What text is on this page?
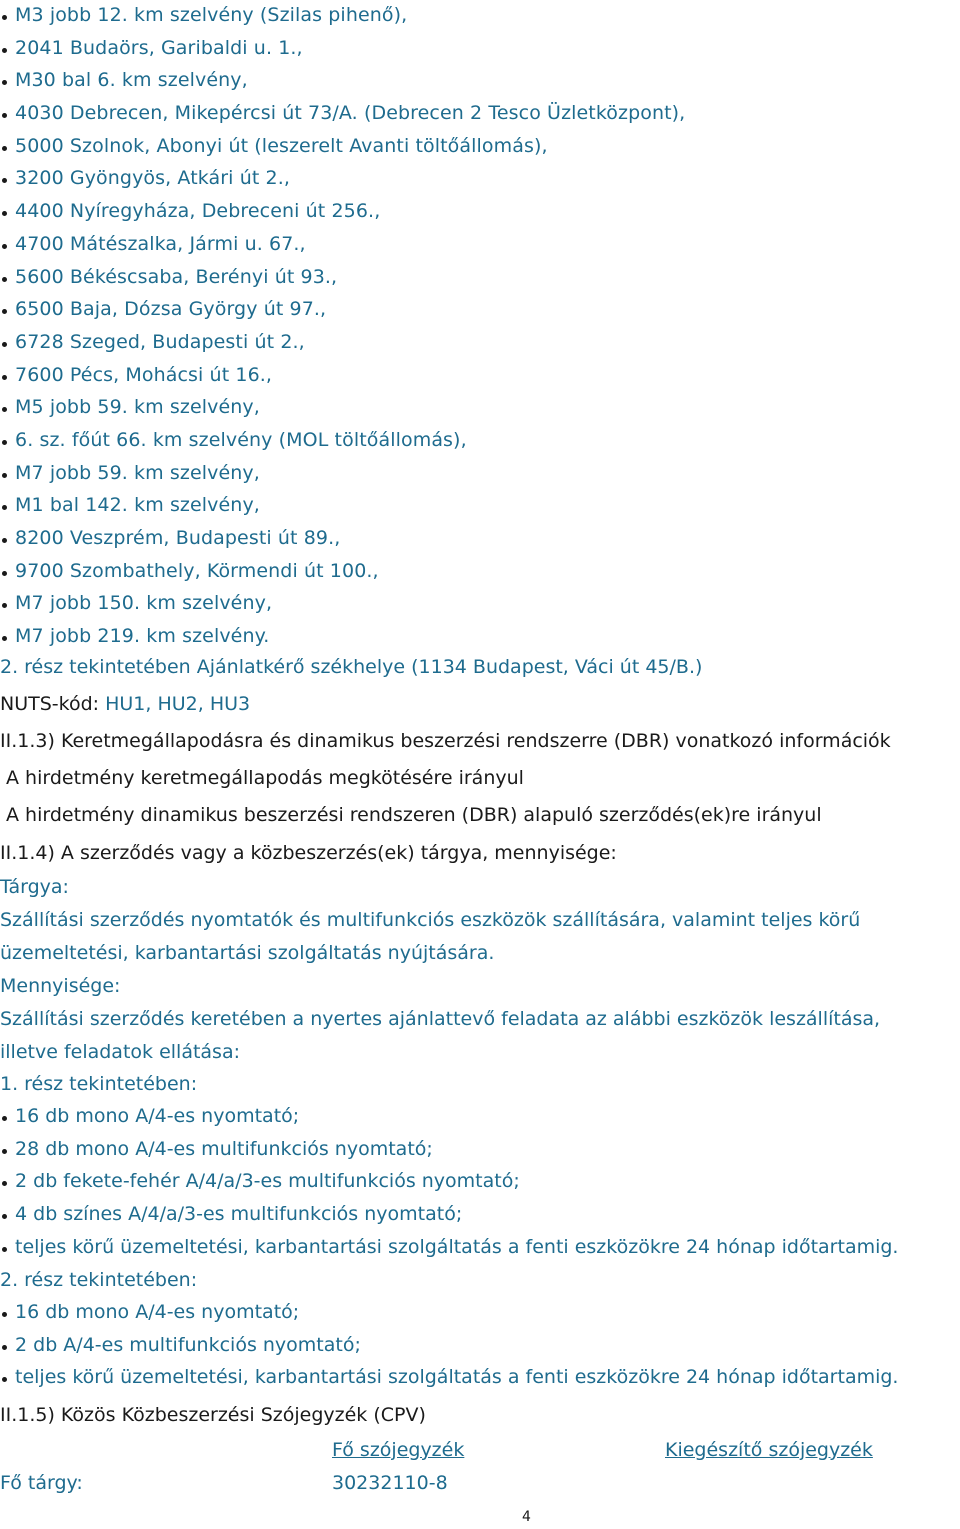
M3 jobb 12. km szelvény (Szilas pihenő),
2041 Budaörs, Garibaldi u. 1.,
M30 bal 6. km szelvény,
4030 Debrecen, Mikepércsi út 73/A. (Debrecen 2 Tesco Üzletközpont),
5000 Szolnok, Abonyi út (leszerelt Avanti töltőállomás),
3200 Gyöngyös, Atkári út 2.,
4400 Nyíregyháza, Debreceni út 256.,
4700 Mátészalka, Jármi u. 67.,
5600 Békéscsaba, Berényi út 93.,
6500 Baja, Dózsa György út 97.,
6728 Szeged, Budapesti út 2.,
7600 Pécs, Mohácsi út 16.,
M5 jobb 59. km szelvény,
6. sz. főút 66. km szelvény (MOL töltőállomás),
M7 jobb 59. km szelvény,
M1 bal 142. km szelvény,
8200 Veszprém, Budapesti út 89.,
9700 Szombathely, Körmendi út 100.,
M7 jobb 150. km szelvény,
M7 jobb 219. km szelvény.
2. rész tekintetében Ajánlatkérő székhelye (1134 Budapest, Váci út 45/B.)
NUTS-kód: HU1, HU2, HU3
II.1.3) Keretmegállapodásra és dinamikus beszerzési rendszerre (DBR) vonatkozó információk
A hirdetmény keretmegállapodás megkötésére irányul
A hirdetmény dinamikus beszerzési rendszeren (DBR) alapuló szerződés(ek)re irányul
II.1.4) A szerződés vagy a közbeszerzés(ek) tárgya, mennyisége:
Tárgya:
Szállítási szerződés nyomtatók és multifunkciós eszközök szállítására, valamint teljes körű
üzemeltetési, karbantartási szolgáltatás nyújtására.
Mennyisége:
Szállítási szerződés keretében a nyertes ajánlattevő feladata az alábbi eszközök leszállítása,
illetve feladatok ellátása:
1. rész tekintetében:
16 db mono A/4-es nyomtató;
28 db mono A/4-es multifunkciós nyomtató;
2 db fekete-fehér A/4/a/3-es multifunkciós nyomtató;
4 db színes A/4/a/3-es multifunkciós nyomtató;
teljes körű üzemeltetési, karbantartási szolgáltatás a fenti eszközökre 24 hónap időtartamig.
2. rész tekintetében:
16 db mono A/4-es nyomtató;
2 db A/4-es multifunkciós nyomtató;
teljes körű üzemeltetési, karbantartási szolgáltatás a fenti eszközökre 24 hónap időtartamig.
II.1.5) Közös Közbeszerzési Szójegyzék (CPV)
Fő szójegyzék	Kiegészítő szójegyzék
Fő tárgy:	30232110-8
4
